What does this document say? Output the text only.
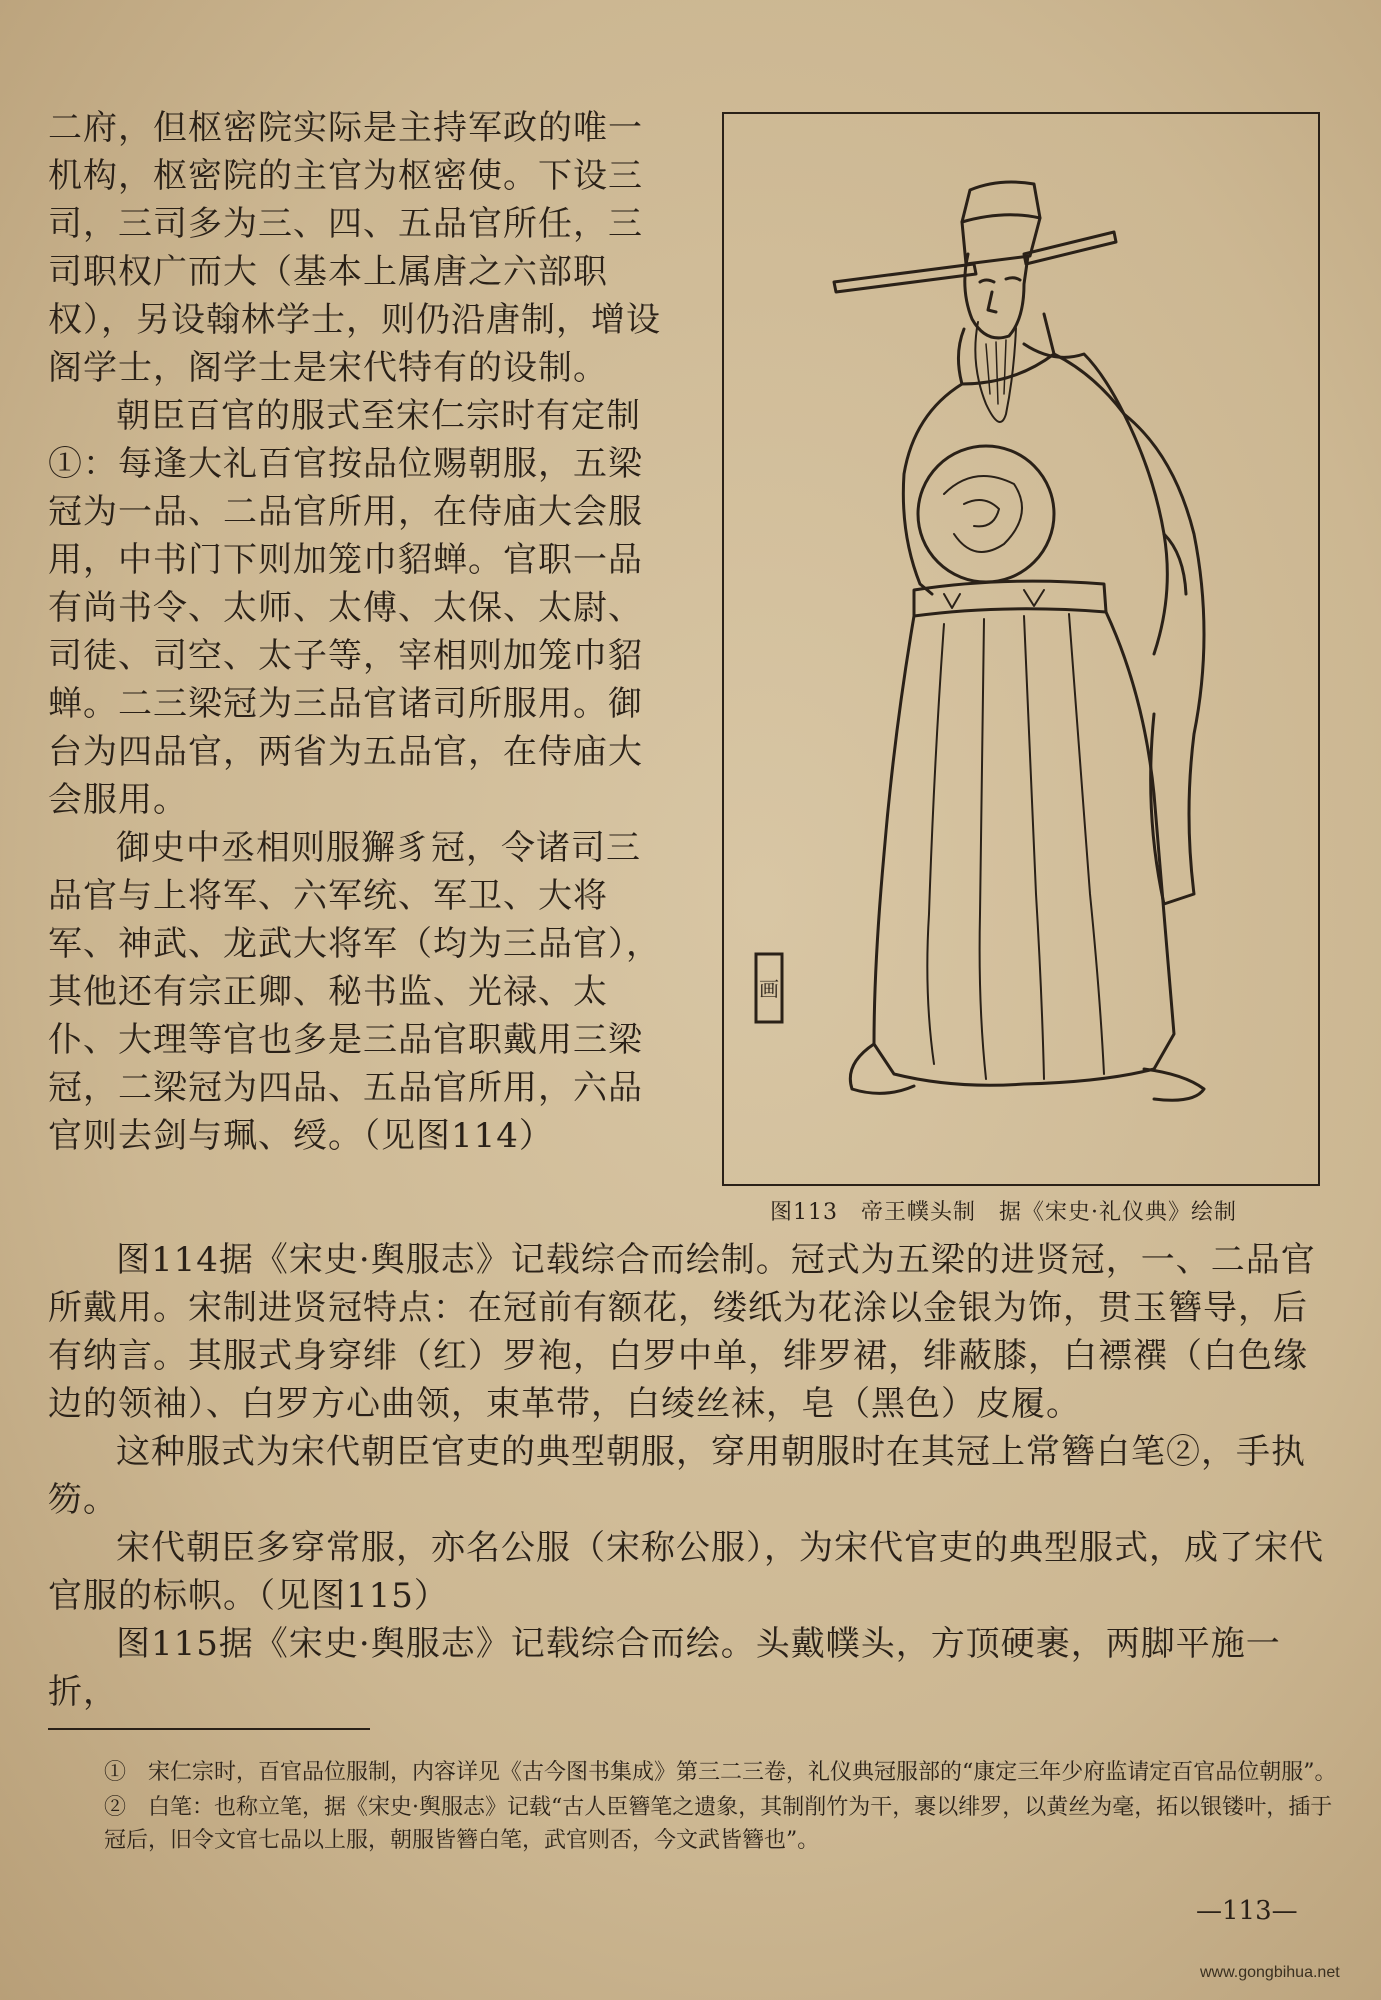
二府，但枢密院实际是主持军政的唯一机构，枢密院的主官为枢密使。下设三司，三司多为三、四、五品官所任，三司职权广而大（基本上属唐之六部职权），另设翰林学士，则仍沿唐制，增设阁学士，阁学士是宋代特有的设制。

朝臣百官的服式至宋仁宗时有定制①：每逢大礼百官按品位赐朝服，五梁冠为一品、二品官所用，在侍庙大会服用，中书门下则加笼巾貂蝉。官职一品有尚书令、太师、太傅、太保、太尉、司徒、司空、太子等，宰相则加笼巾貂蝉。二三梁冠为三品官诸司所服用。御台为四品官，两省为五品官，在侍庙大会服用。

御史中丞相则服獬豸冠，令诸司三品官与上将军、六军统、军卫、大将军、神武、龙武大将军（均为三品官），其他还有宗正卿、秘书监、光禄、太仆、大理等官也多是三品官职戴用三梁冠，二梁冠为四品、五品官所用，六品官则去剑与珮、绶。（见图114）

画
图113　帝王幞头制　据《宋史·礼仪典》绘制

图114据《宋史·舆服志》记载综合而绘制。冠式为五梁的进贤冠，一、二品官所戴用。宋制进贤冠特点：在冠前有额花，缕纸为花涂以金银为饰，贯玉簪导，后有纳言。其服式身穿绯（红）罗袍，白罗中单，绯罗裙，绯蔽膝，白褾襈（白色缘边的领袖）、白罗方心曲领，束革带，白绫丝袜，皂（黑色）皮履。

这种服式为宋代朝臣官吏的典型朝服，穿用朝服时在其冠上常簪白笔②，手执笏。

宋代朝臣多穿常服，亦名公服（宋称公服），为宋代官吏的典型服式，成了宋代官服的标帜。（见图115）

图115据《宋史·舆服志》记载综合而绘。头戴幞头，方顶硬裹，两脚平施一折，

①　宋仁宗时，百官品位服制，内容详见《古今图书集成》第三二三卷，礼仪典冠服部的“康定三年少府监请定百官品位朝服”。

②　白笔：也称立笔，据《宋史·舆服志》记载“古人臣簪笔之遗象，其制削竹为干，裹以绯罗，以黄丝为毫，拓以银镂叶，插于冠后，旧令文官七品以上服，朝服皆簪白笔，武官则否，今文武皆簪也”。

—113—
www.gongbihua.net
